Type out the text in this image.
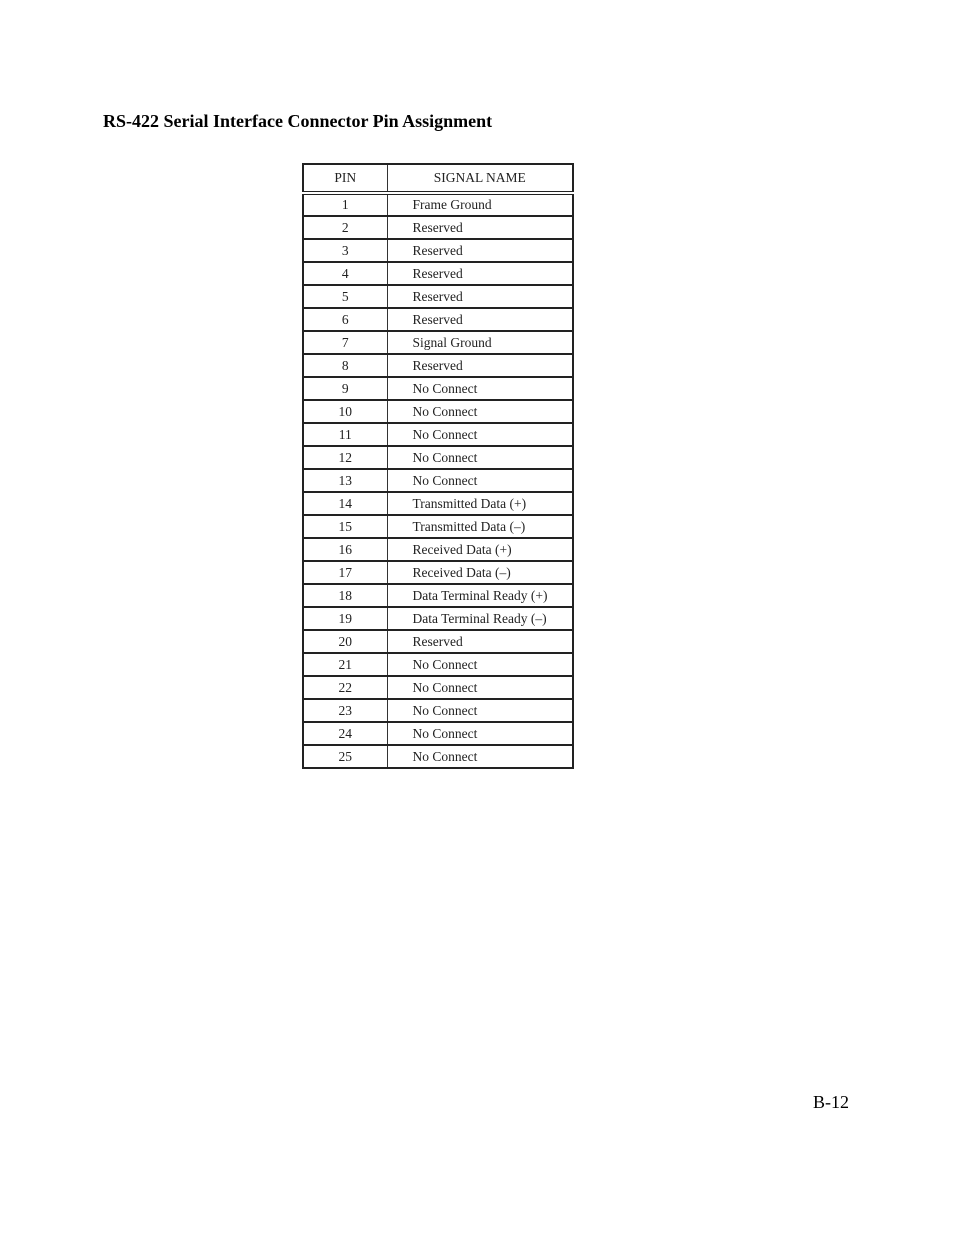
RS-422 Serial Interface Connector Pin Assignment
PIN	SIGNAL NAME
1	Frame Ground
2	Reserved
3	Reserved
4	Reserved
5	Reserved
6	Reserved
7	Signal Ground
8	Reserved
9	No Connect
10	No Connect
11	No Connect
12	No Connect
13	No Connect
14	Transmitted Data (+)
15	Transmitted Data (–)
16	Received Data (+)
17	Received Data (–)
18	Data Terminal Ready (+)
19	Data Terminal Ready (–)
20	Reserved
21	No Connect
22	No Connect
23	No Connect
24	No Connect
25	No Connect
B-12
